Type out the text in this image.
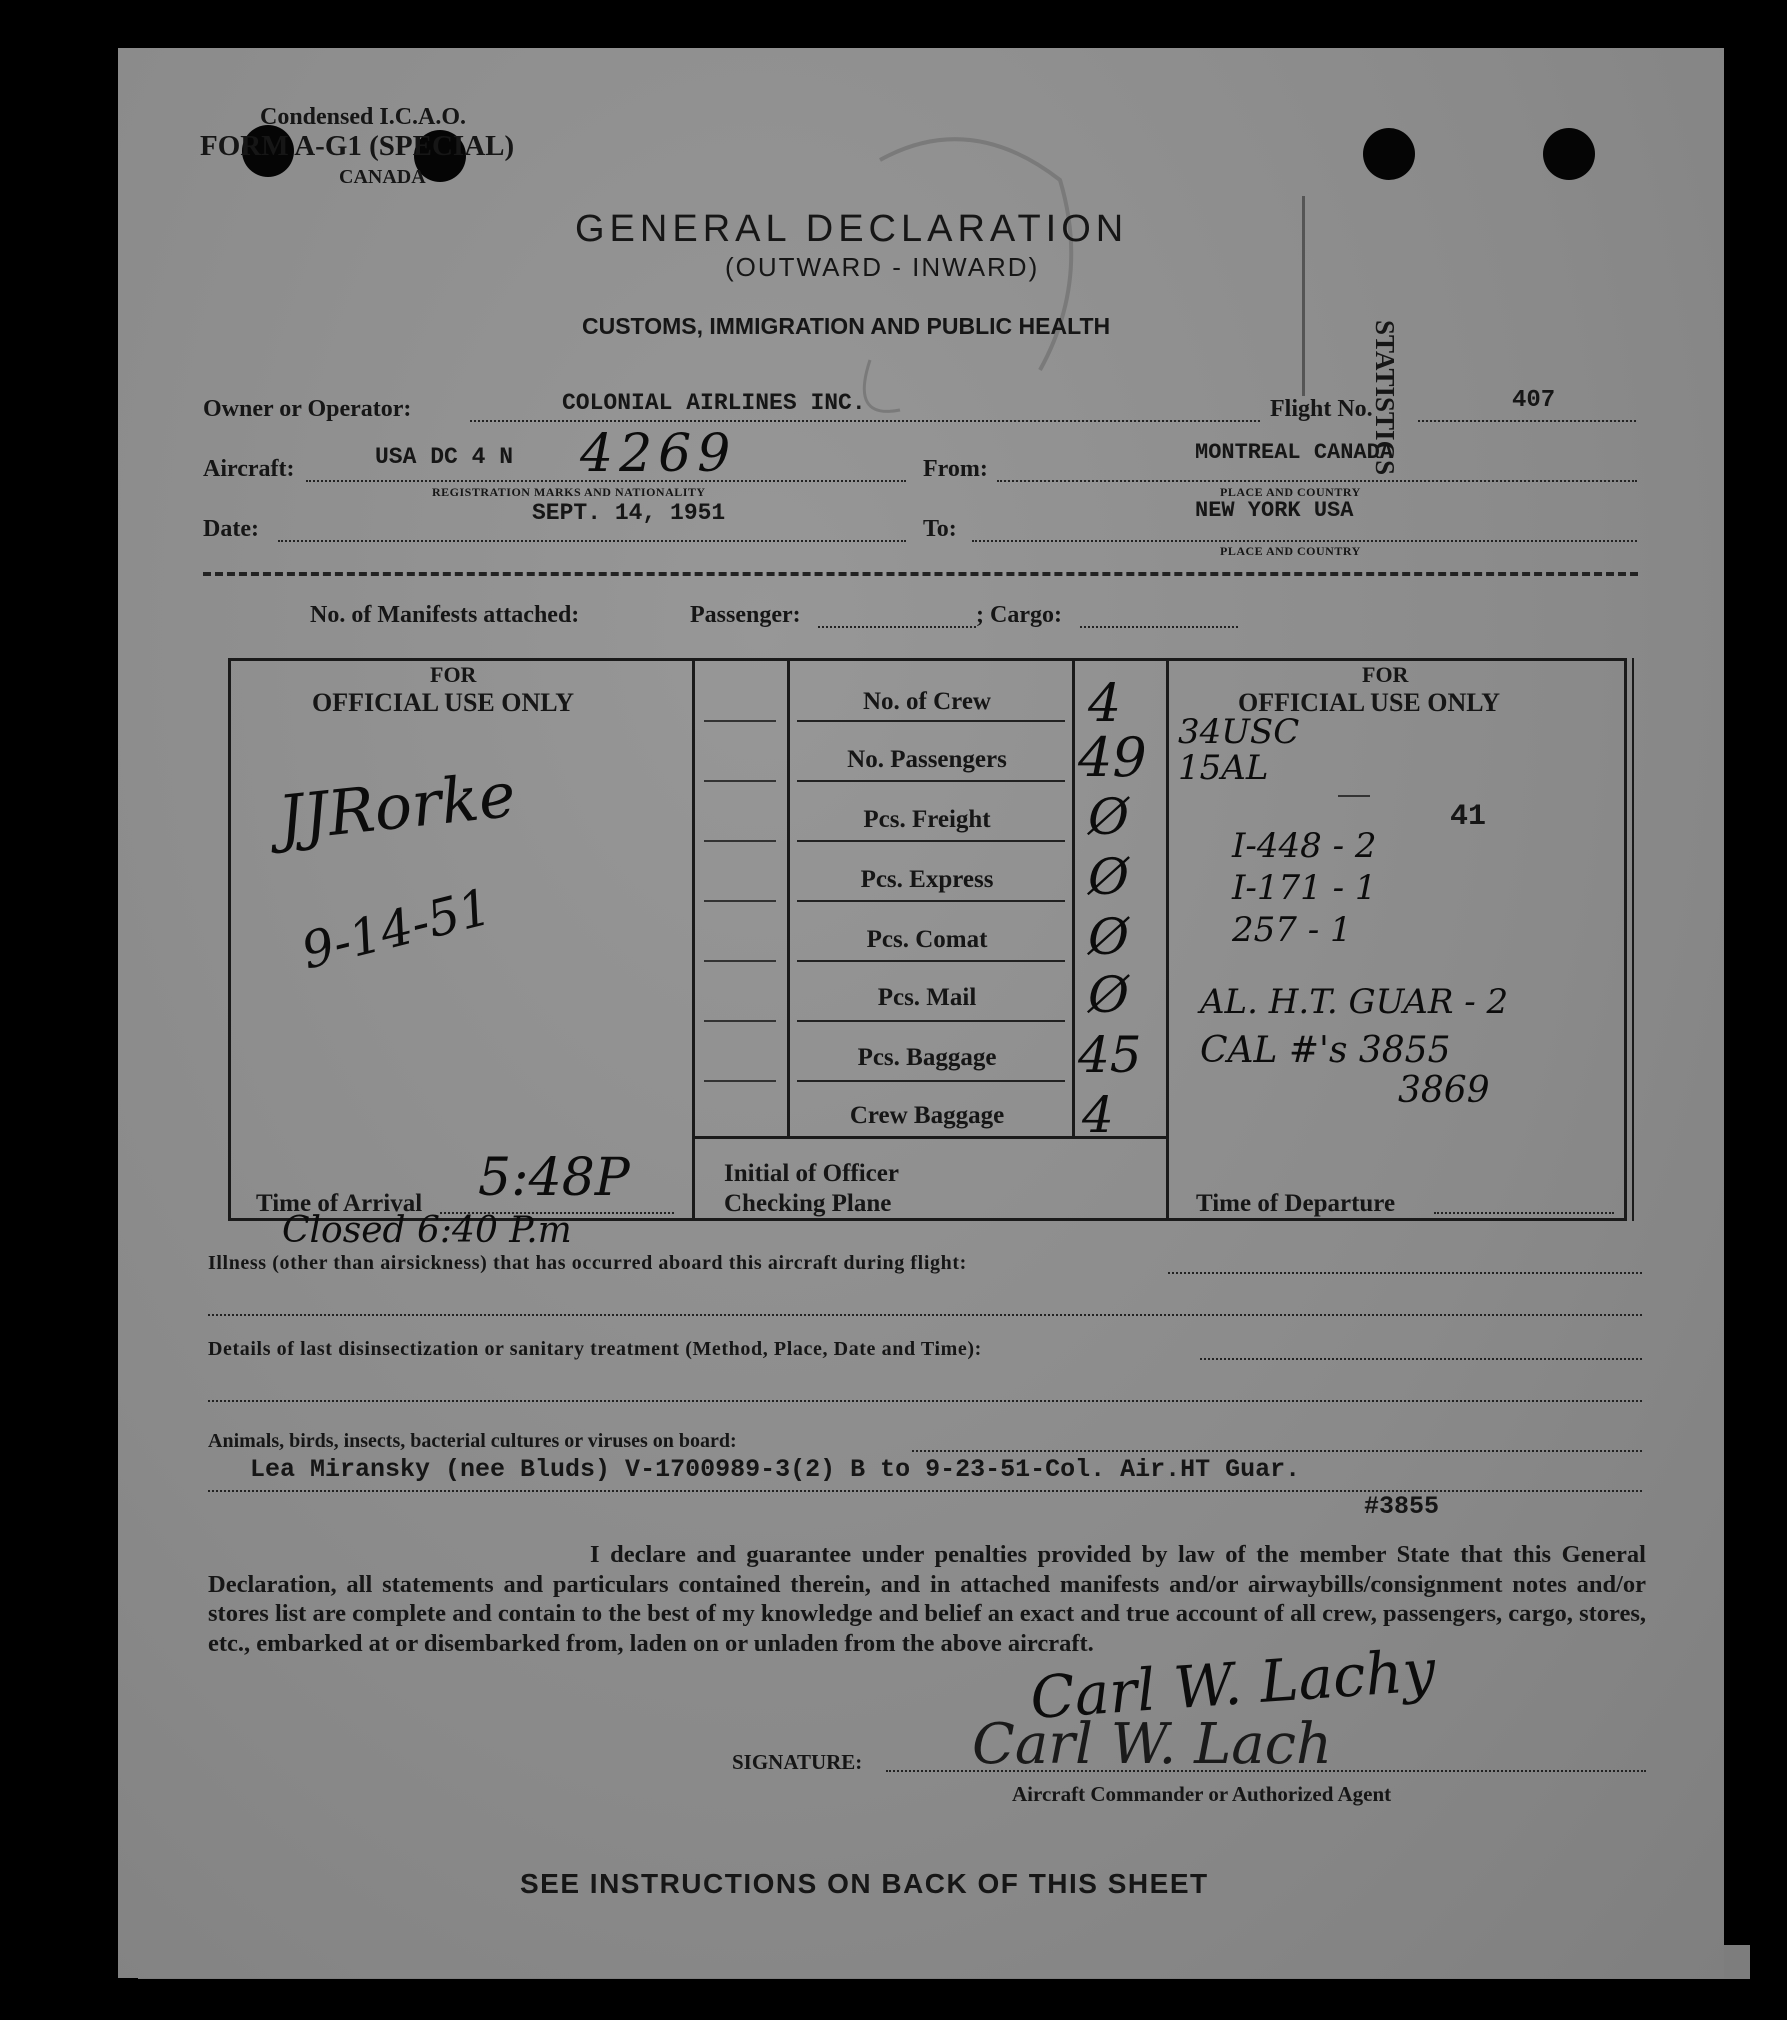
Condensed I.C.A.O.
FORM A-G1 (SPECIAL)
CANADA
GENERAL DECLARATION
(OUTWARD - INWARD)
CUSTOMS, IMMIGRATION AND PUBLIC HEALTH	STATISTICS
Owner or Operator:	COLONIAL AIRLINES INC.	Flight No.	407
Aircraft:	USA DC 4 N 4269
REGISTRATION MARKS AND NATIONALITY
From:
MONTREAL CANADA
PLACE AND COUNTRY
Date:
SEPT. 14, 1951
To:
NEW YORK USA
PLACE AND COUNTRY
No. of Manifests attached:	Passenger:	; Cargo:
FOR
OFFICIAL USE ONLY
JJRorke
9-14-51
FOR
OFFICIAL USE ONLY
34USC
15AL
41
I-448 - 2
I-171 - 1
257 - 1
AL. H.T. GUAR - 2
CAL #'s 3855
3869
No. of Crew	4
No. Passengers	49
Pcs. Freight	Ø
Pcs. Express	Ø
Pcs. Comat	Ø
Pcs. Mail	Ø
Pcs. Baggage	45
Crew Baggage	4
Time of Arrival 5:48P
Closed 6:40 P.m
Initial of Officer
Checking Plane	Time of Departure
Illness (other than airsickness) that has occurred aboard this aircraft during flight:
Details of last disinsectization or sanitary treatment (Method, Place, Date and Time):
Animals, birds, insects, bacterial cultures or viruses on board:
Lea Miransky (nee Bluds) V-1700989-3(2) B to 9-23-51-Col. Air.HT Guar.
#3855
I declare and guarantee under penalties provided by law of the member State that this General Declaration, all statements and particulars contained therein, and in attached manifests and/or airwaybills/consignment notes and/or stores list are complete and contain to the best of my knowledge and belief an exact and true account of all crew, passengers, cargo, stores, etc., embarked at or disembarked from, laden on or unladen from the above aircraft.
Carl W. Lachy
Carl W. Lach
SIGNATURE:
Aircraft Commander or Authorized Agent
SEE INSTRUCTIONS ON BACK OF THIS SHEET
